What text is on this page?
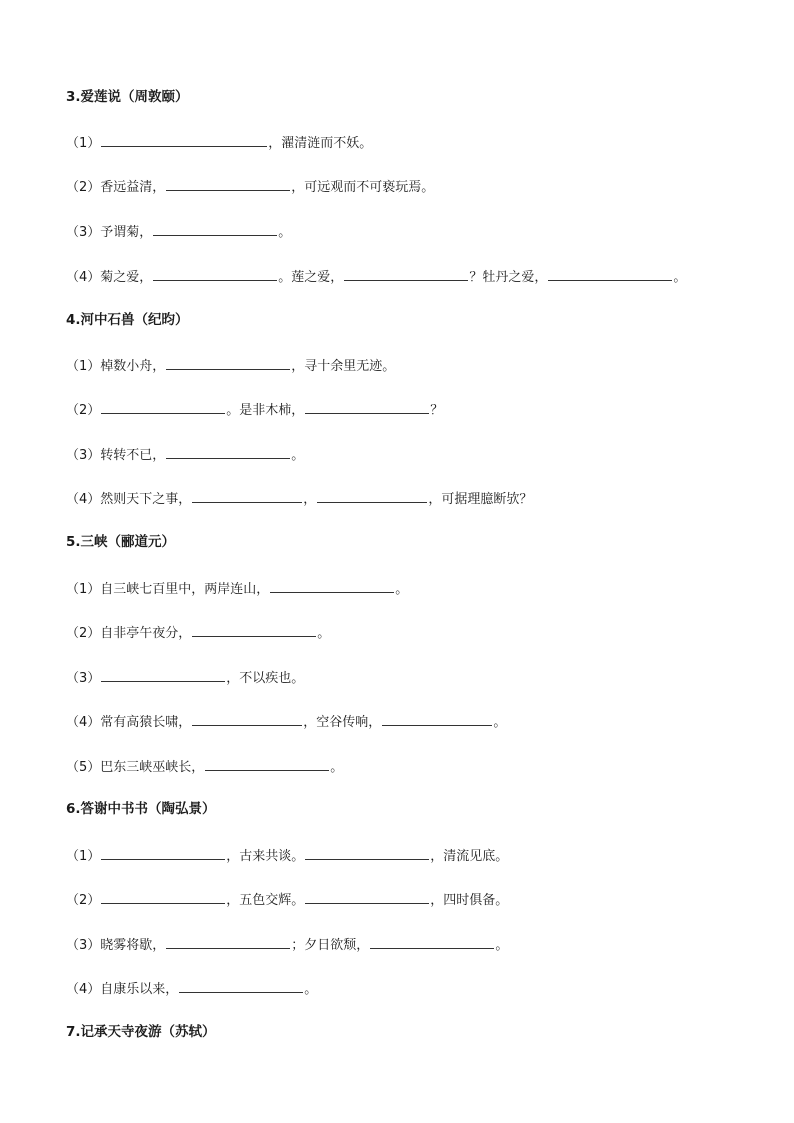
3.爱莲说（周敦颐）
（1）	，濯清涟而不妖。
（2）香远益清，	，可远观而不可亵玩焉。
（3）予谓菊，	。
（4）菊之爱，	。莲之爱，	？牡丹之爱，	。
4.河中石兽（纪昀）
（1）棹数小舟，	，寻十余里无迹。
（2）	。是非木柿，	？
（3）转转不已，	。
（4）然则天下之事，	，	，可据理臆断欤？
5.三峡（郦道元）
（1）自三峡七百里中，两岸连山，	。
（2）自非亭午夜分，	。
（3）	，不以疾也。
（4）常有高猿长啸，	，空谷传响，	。
（5）巴东三峡巫峡长，	。
6.答谢中书书（陶弘景）
（1）	，古来共谈。	，清流见底。
（2）	，五色交辉。	，四时俱备。
（3）晓雾将歇，	；夕日欲颓，	。
（4）自康乐以来，	。
7.记承天寺夜游（苏轼）
